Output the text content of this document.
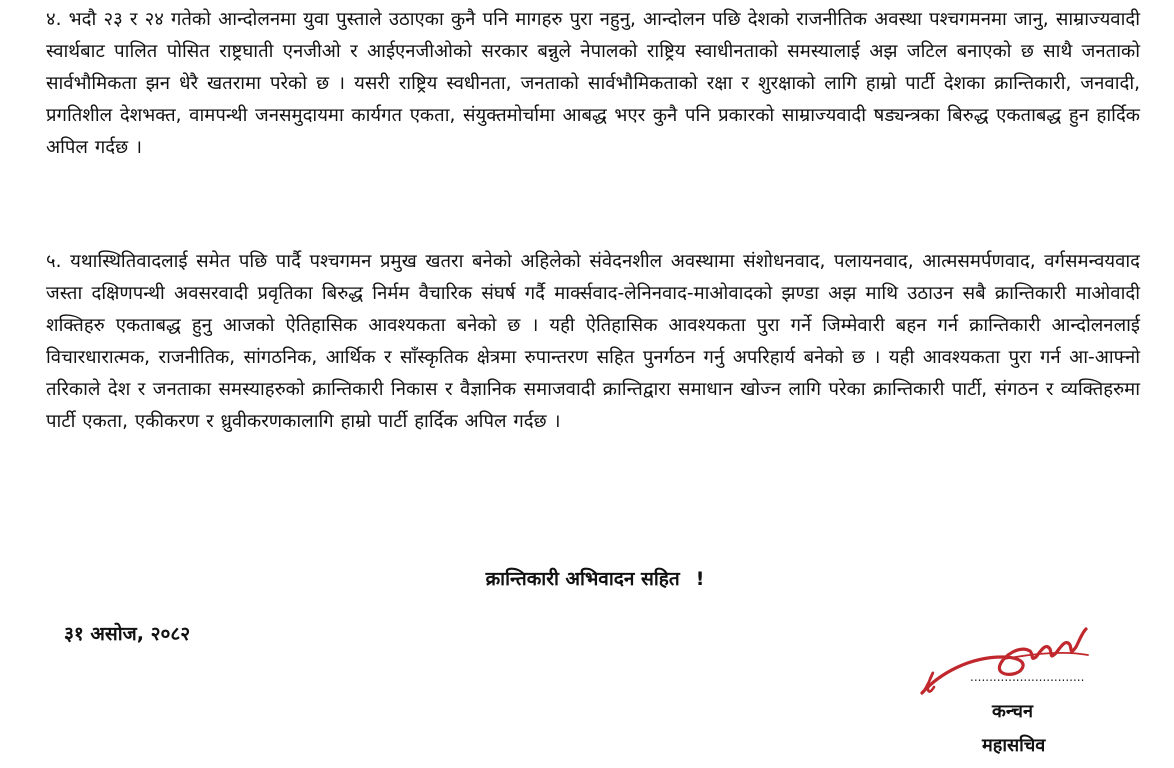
४. भदौ २३ र २४ गतेको आन्दोलनमा युवा पुस्ताले उठाएका कुनै पनि मागहरु पुरा नहुनु, आन्दोलन पछि देशको राजनीतिक अवस्था पश्चगमनमा जानु, साम्राज्यवादी स्वार्थबाट पालित पोसित राष्ट्रघाती एनजीओ र आईएनजीओको सरकार बन्नुले नेपालको राष्ट्रिय स्वाधीनताको समस्यालाई अझ जटिल बनाएको छ साथै जनताको सार्वभौमिकता झन धेरै खतरामा परेको छ । यसरी राष्ट्रिय स्वधीनता, जनताको सार्वभौमिकताको रक्षा र शुरक्षाको लागि हाम्रो पार्टी देशका क्रान्तिकारी, जनवादी, प्रगतिशील देशभक्त, वामपन्थी जनसमुदायमा कार्यगत एकता, संयुक्तमोर्चामा आबद्ध भएर कुनै पनि प्रकारको साम्राज्यवादी षड्यन्त्रका बिरुद्ध एकताबद्ध हुन हार्दिक अपिल गर्दछ ।

५. यथास्थितिवादलाई समेत पछि पार्दै पश्चगमन प्रमुख खतरा बनेको अहिलेको संवेदनशील अवस्थामा संशोधनवाद, पलायनवाद, आत्मसमर्पणवाद, वर्गसमन्वयवाद जस्ता दक्षिणपन्थी अवसरवादी प्रवृतिका बिरुद्ध निर्मम वैचारिक संघर्ष गर्दै मार्क्सवाद-लेनिनवाद-माओवादको झण्डा अझ माथि उठाउन सबै क्रान्तिकारी माओवादी शक्तिहरु एकताबद्ध हुनु आजको ऐतिहासिक आवश्यकता बनेको छ । यही ऐतिहासिक आवश्यकता पुरा गर्ने जिम्मेवारी बहन गर्न क्रान्तिकारी आन्दोलनलाई विचारधारात्मक, राजनीतिक, सांगठनिक, आर्थिक र साँस्कृतिक क्षेत्रमा रुपान्तरण सहित पुनर्गठन गर्नु अपरिहार्य बनेको छ । यही आवश्यकता पुरा गर्न आ-आफ्नो तरिकाले देश र जनताका समस्याहरुको क्रान्तिकारी निकास र वैज्ञानिक समाजवादी क्रान्तिद्वारा समाधान खोज्न लागि परेका क्रान्तिकारी पार्टी, संगठन र व्यक्तिहरुमा पार्टी एकता, एकीकरण र ध्रुवीकरणकालागि हाम्रो पार्टी हार्दिक अपिल गर्दछ ।

क्रान्तिकारी अभिवादन सहित !

३१ असोज, २०८२

..............................

कन्चन

महासचिव
